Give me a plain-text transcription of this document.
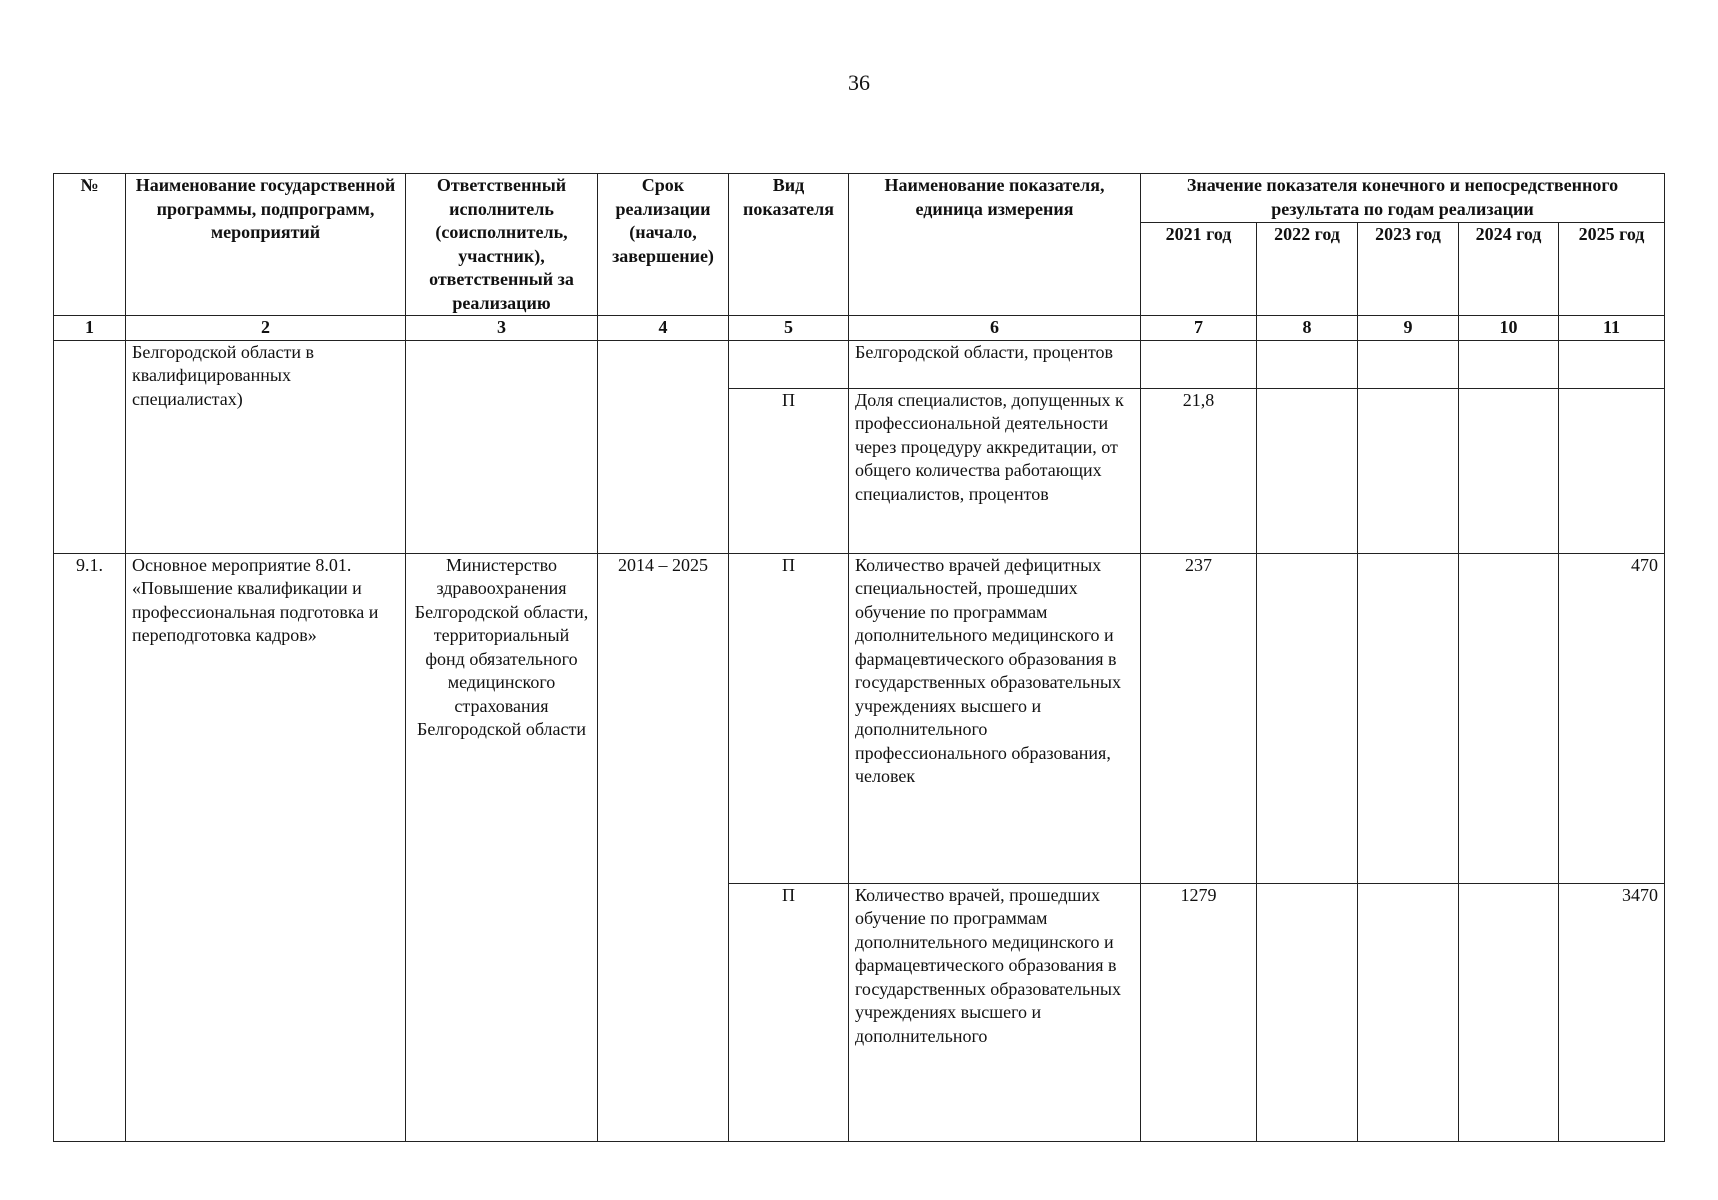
36
№	Наименование государственной программы, подпрограмм, мероприятий	Ответственный исполнитель (соисполнитель, участник), ответственный за реализацию	Срок реализации (начало, завершение)	Вид показателя	Наименование показателя, единица измерения	Значение показателя конечного и непосредственного результата по годам реализации				
						2021 год	2022 год	2023 год	2024 год	2025 год
1	2	3	4	5	6	7	8	9	10	11
	Белгородской области в квалифицированных специалистах)				Белгородской области, процентов					
				П	Доля специалистов, допущенных к профессиональной деятельности через процедуру аккредитации, от общего количества работающих специалистов, процентов	21,8				
9.1.	Основное мероприятие 8.01. «Повышение квалификации и профессиональная подготовка и переподготовка кадров»	Министерство здравоохранения Белгородской области, территориальный фонд обязательного медицинского страхования Белгородской области	2014 – 2025	П	Количество врачей дефицитных специальностей, прошедших обучение по программам дополнительного медицинского и фармацевтического образования в государственных образовательных учреждениях высшего и дополнительного профессионального образования, человек	237				470
				П	Количество врачей, прошедших обучение по программам дополнительного медицинского и фармацевтического образования в государственных образовательных учреждениях высшего и дополнительного	1279				3470
